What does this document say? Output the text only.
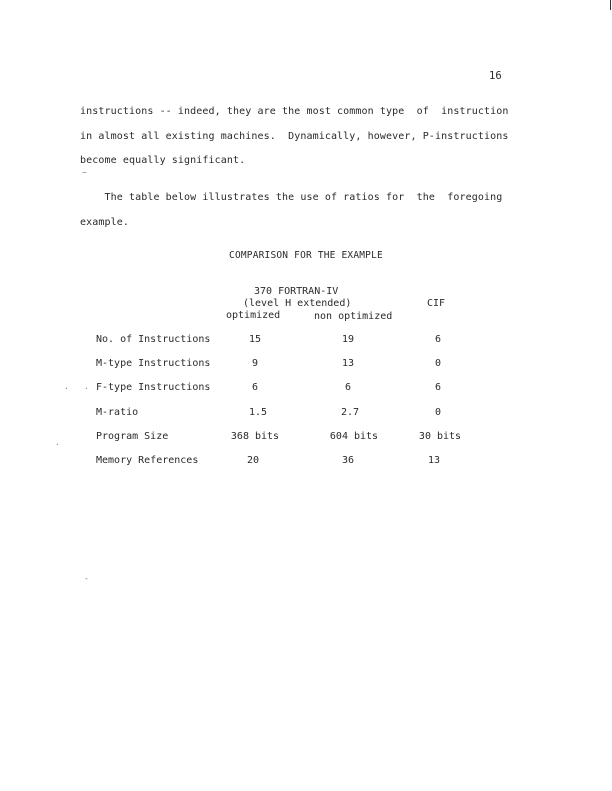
16
instructions -- indeed, they are the most common type  of  instruction
in almost all existing machines.  Dynamically, however, P-instructions
become equally significant.
The table below illustrates the use of ratios for  the  foregoing
example.
COMPARISON FOR THE EXAMPLE
370 FORTRAN-IV
(level H extended)	CIF
optimized	non optimized
No. of Instructions	15	19	6
M-type Instructions	9	13	0
F-type Instructions	6	6	6
M-ratio	1.5	2.7	0
Program Size	368 bits	604 bits	30 bits
Memory References	20	36	13
~
· ·
·
-
